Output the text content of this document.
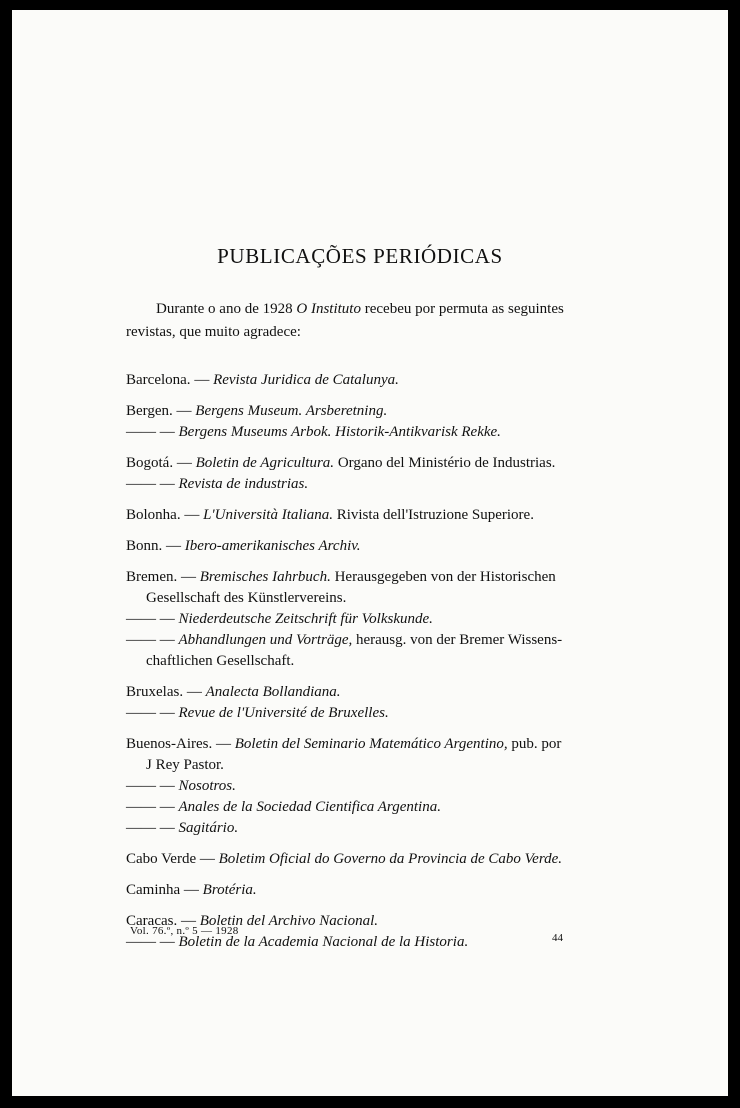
PUBLICAÇÕES PERIÓDICAS

Durante o ano de 1928 O Instituto recebeu por permuta as seguintes revistas, que muito agradece:

Barcelona. — Revista Juridica de Catalunya.
Bergen. — Bergens Museum. Arsberetning.
—— — Bergens Museums Arbok. Historik-Antikvarisk Rekke.
Bogotá. — Boletin de Agricultura. Organo del Ministério de Industrias.
—— — Revista de industrias.
Bolonha. — L'Università Italiana. Rivista dell'Istruzione Superiore.
Bonn. — Ibero-amerikanisches Archiv.
Bremen. — Bremisches Iahrbuch. Herausgegeben von der Historischen
Gesellschaft des Künstlervereins.
—— — Niederdeutsche Zeitschrift für Volkskunde.
—— — Abhandlungen und Vorträge, herausg. von der Bremer Wissens-
chaftlichen Gesellschaft.
Bruxelas. — Analecta Bollandiana.
—— — Revue de l'Université de Bruxelles.
Buenos-Aires. — Boletin del Seminario Matemático Argentino, pub. por
J Rey Pastor.
—— — Nosotros.
—— — Anales de la Sociedad Cientifica Argentina.
—— — Sagitário.
Cabo Verde — Boletim Oficial do Governo da Provincia de Cabo Verde.
Caminha — Brotéria.
Caracas. — Boletin del Archivo Nacional.
—— — Boletin de la Academia Nacional de la Historia.
Vol. 76.º, n.º 5 — 1928
44
